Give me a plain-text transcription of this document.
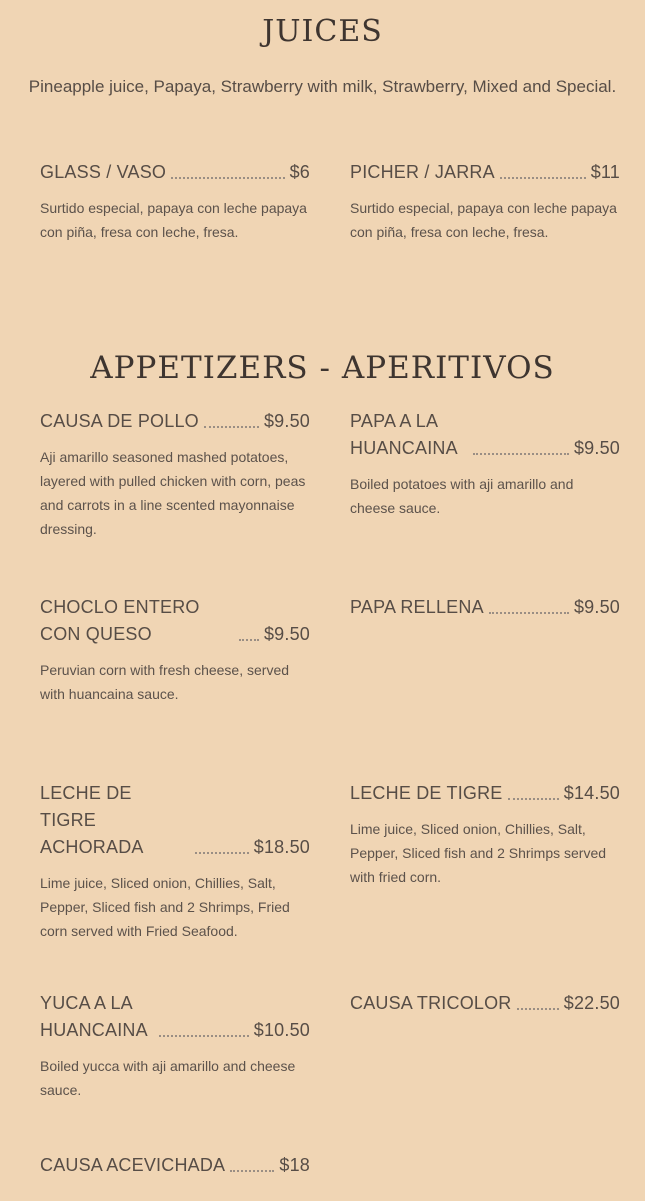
JUICES
Pineapple juice, Papaya, Strawberry with milk, Strawberry, Mixed and Special.
GLASS / VASO	$6
Surtido especial, papaya con leche papaya con piña, fresa con leche, fresa.
PICHER / JARRA	$11
Surtido especial, papaya con leche papaya con piña, fresa con leche, fresa.
APPETIZERS - APERITIVOS
CAUSA DE POLLO	$9.50
Aji amarillo seasoned mashed potatoes, layered with pulled chicken with corn, peas and carrots in a line scented mayonnaise dressing.
PAPA A LA HUANCAINA	$9.50
Boiled potatoes with aji amarillo and cheese sauce.
CHOCLO ENTERO CON QUESO	$9.50
Peruvian corn with fresh cheese, served with huancaina sauce.
PAPA RELLENA	$9.50
LECHE DE TIGRE ACHORADA	$18.50
Lime juice, Sliced onion, Chillies, Salt, Pepper, Sliced fish and 2 Shrimps, Fried corn served with Fried Seafood.
LECHE DE TIGRE	$14.50
Lime juice, Sliced onion, Chillies, Salt, Pepper, Sliced fish and 2 Shrimps served with fried corn.
YUCA A LA HUANCAINA	$10.50
Boiled yucca with aji amarillo and cheese sauce.
CAUSA TRICOLOR	$22.50
CAUSA ACEVICHADA	$18
